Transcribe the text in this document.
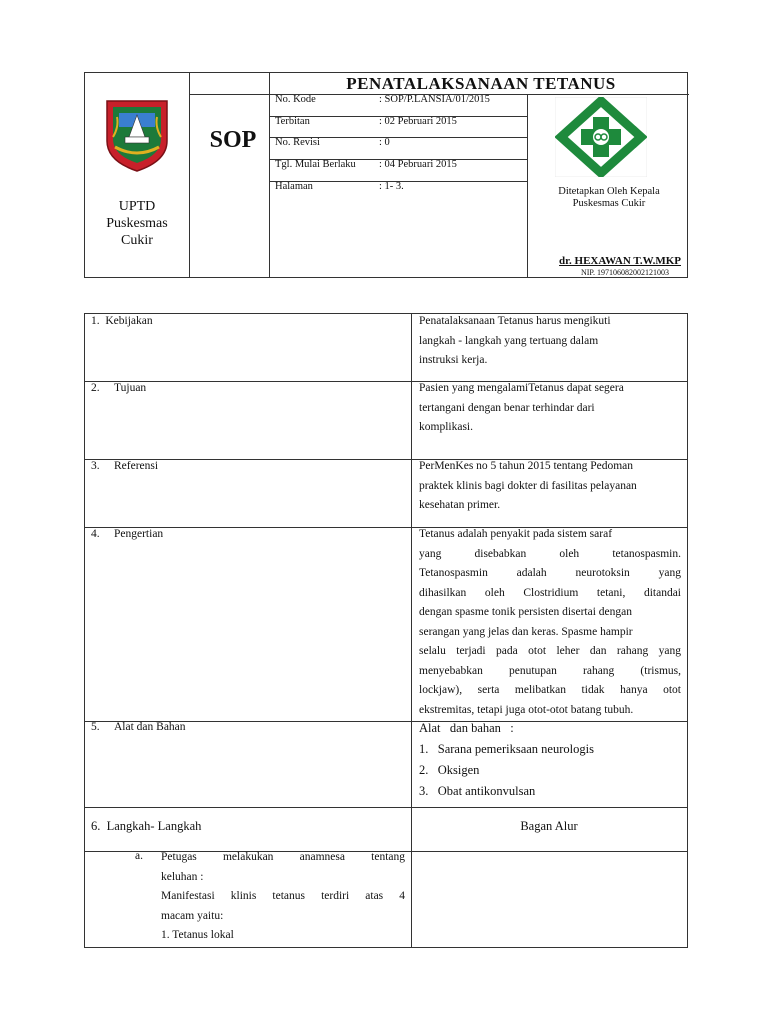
PENATALAKSANAAN TETANUS
UPTD
Puskesmas
Cukir
SOP
No. Kode	: SOP/P.LANSIA/01/2015
Terbitan	: 02 Pebruari 2015
No. Revisi	: 0
Tgl. Mulai Berlaku : 04 Pebruari 2015
Halaman	: 1- 3.	Ditetapkan Oleh Kepala
Puskesmas Cukir
dr. HEXAWAN T.W.MKP
NIP. 197106082002121003
1. Kebijakan	Penatalaksanaan Tetanus harus mengikuti
langkah - langkah yang tertuang dalam
instruksi kerja.
2. Tujuan	Pasien yang mengalamiTetanus dapat segera
tertangani dengan benar terhindar dari
komplikasi.
3. Referensi	PerMenKes no 5 tahun 2015 tentang Pedoman
praktek klinis bagi dokter di fasilitas pelayanan
kesehatan primer.
4. Pengertian	Tetanus adalah penyakit pada sistem saraf
yang disebabkan oleh tetanospasmin.
Tetanospasmin adalah neurotoksin yang
dihasilkan oleh Clostridium tetani, ditandai
dengan spasme tonik persisten disertai dengan
serangan yang jelas dan keras. Spasme hampir
selalu terjadi pada otot leher dan rahang yang
menyebabkan penutupan rahang (trismus,
lockjaw), serta melibatkan tidak hanya otot
ekstremitas, tetapi juga otot-otot batang tubuh.
5. Alat dan Bahan	Alat   dan bahan   :
1.   Sarana pemeriksaan neurologis
2.   Oksigen
3.   Obat antikonvulsan
6. Langkah- Langkah	Bagan Alur
a. Petugas melakukan anamnesa tentang
keluhan :
Manifestasi klinis tetanus terdiri atas 4
macam yaitu:
1. Tetanus lokal
